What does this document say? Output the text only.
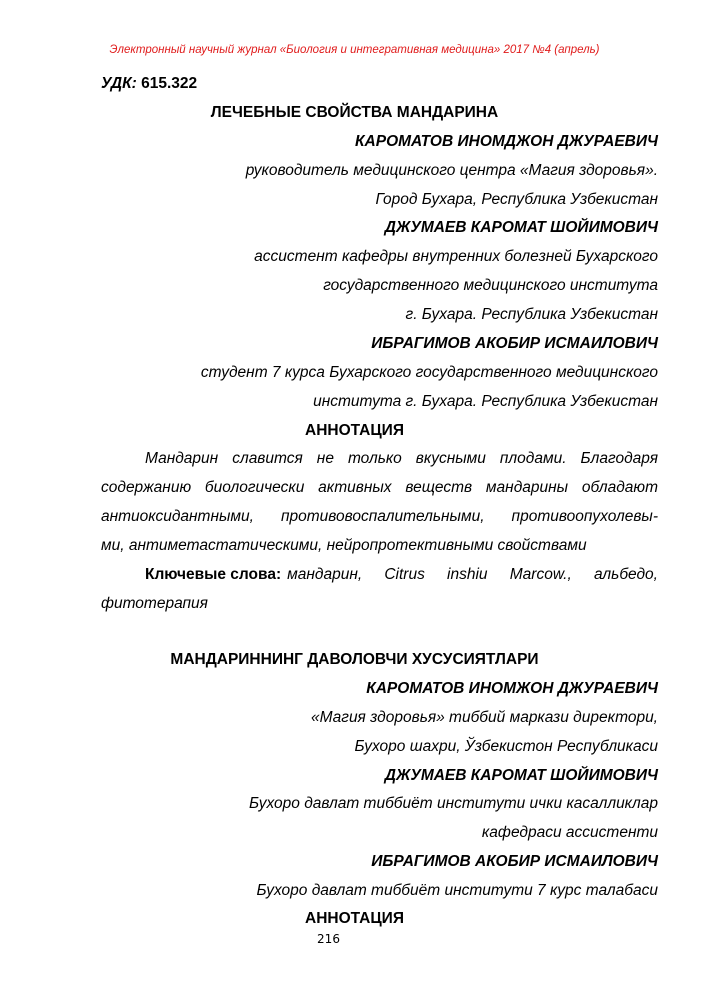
Электронный научный журнал «Биология и интегративная медицина» 2017 №4 (апрель)
УДК: 615.322
ЛЕЧЕБНЫЕ СВОЙСТВА МАНДАРИНА
КАРОМАТОВ ИНОМДЖОН ДЖУРАЕВИЧ
руководитель медицинского центра «Магия здоровья».
Город Бухара, Республика Узбекистан
ДЖУМАЕВ КАРОМАТ ШОЙИМОВИЧ
ассистент кафедры внутренних болезней Бухарского
государственного медицинского института
г. Бухара. Республика Узбекистан
ИБРАГИМОВ АКОБИР ИСМАИЛОВИЧ
студент 7 курса Бухарского государственного медицинского
института г. Бухара. Республика Узбекистан
АННОТАЦИЯ
Мандарин славится не только вкусными плодами. Благодаря
содержанию биологически активных веществ мандарины обладают
антиоксидантными, противовоспалительными, противоопухолевы-
ми, антиметастатическими, нейропротективными свойствами
Ключевые слова: мандарин, Citrus inshiu Marcow., альбедо,
фитотерапия
МАНДАРИННИНГ ДАВОЛОВЧИ ХУСУСИЯТЛАРИ
КАРОМАТОВ ИНОМЖОН ДЖУРАЕВИЧ
«Магия здоровья» тиббий маркази директори,
Бухоро шахри, Ўзбекистон Республикаси
ДЖУМАЕВ КАРОМАТ ШОЙИМОВИЧ
Бухоро давлат тиббиёт институти ички касалликлар
кафедраси ассистенти
ИБРАГИМОВ АКОБИР ИСМАИЛОВИЧ
Бухоро давлат тиббиёт институти 7 курс талабаси
АННОТАЦИЯ
216
